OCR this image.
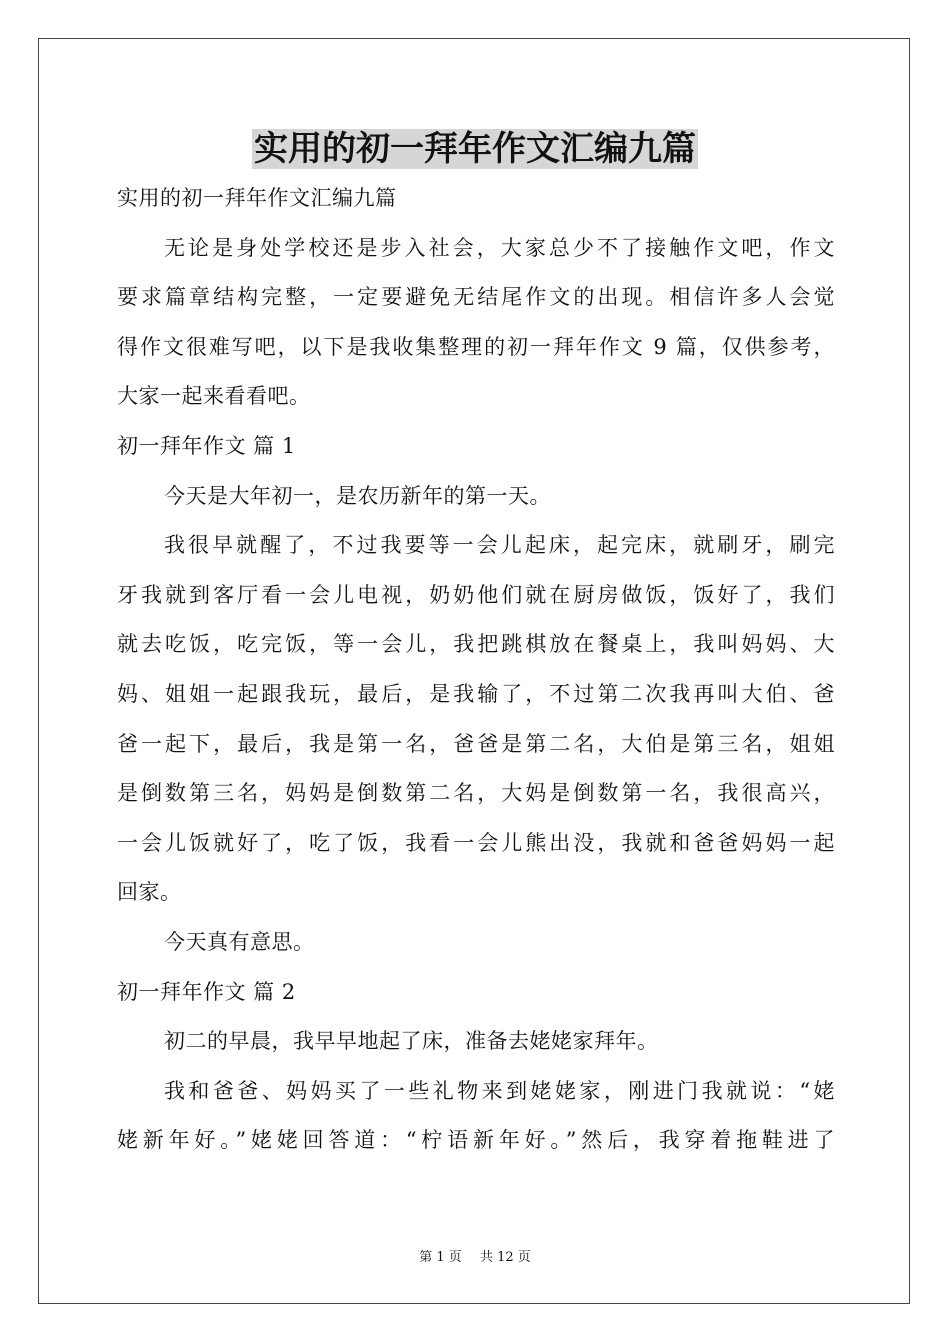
实用的初一拜年作文汇编九篇
实用的初一拜年作文汇编九篇
无论是身处学校还是步入社会，大家总少不了接触作文吧，作文
要求篇章结构完整，一定要避免无结尾作文的出现。相信许多人会觉
得作文很难写吧，以下是我收集整理的初一拜年作文 9 篇，仅供参考，
大家一起来看看吧。
初一拜年作文 篇 1
今天是大年初一，是农历新年的第一天。
我很早就醒了，不过我要等一会儿起床，起完床，就刷牙，刷完
牙我就到客厅看一会儿电视，奶奶他们就在厨房做饭，饭好了，我们
就去吃饭，吃完饭，等一会儿，我把跳棋放在餐桌上，我叫妈妈、大
妈、姐姐一起跟我玩，最后，是我输了，不过第二次我再叫大伯、爸
爸一起下，最后，我是第一名，爸爸是第二名，大伯是第三名，姐姐
是倒数第三名，妈妈是倒数第二名，大妈是倒数第一名，我很高兴，
一会儿饭就好了，吃了饭，我看一会儿熊出没，我就和爸爸妈妈一起
回家。
今天真有意思。
初一拜年作文 篇 2
初二的早晨，我早早地起了床，准备去姥姥家拜年。
我和爸爸、妈妈买了一些礼物来到姥姥家，刚进门我就说：“姥
姥新年好。”姥姥回答道：“柠语新年好。”然后，我穿着拖鞋进了
第 1 页 共 12 页
